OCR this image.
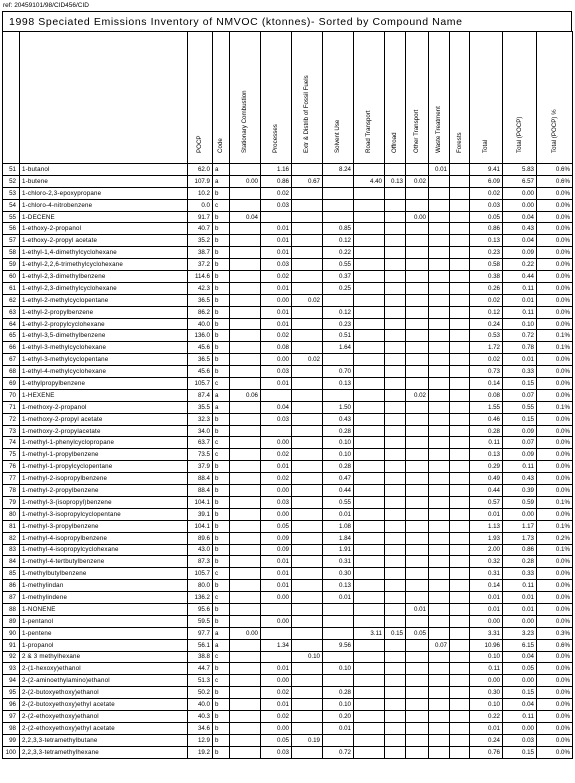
ref: 20459101/98/CID456/CID
1998 Speciated Emissions Inventory of NMVOC (ktonnes)- Sorted by Compound Name

		POCP	Code	Stationary Combustion	Processes	Extr & Distrib of Fossil Fuels	Solvent Use	Road Transport	Offroad	Other Transport	Waste Treatment	Forests	Total	Total (POCP)	Total (POCP) %

51	1-butanol	62.0	a		1.16		8.24				0.01		9.41	5.83	0.6%
52	1-butene	107.9	a	0.00	0.86	0.67		4.40	0.13	0.02			6.09	6.57	0.6%
53	1-chloro-2,3-epoxypropane	10.2	b		0.02								0.02	0.00	0.0%
54	1-chloro-4-nitrobenzene	0.0	c		0.03								0.03	0.00	0.0%
55	1-DECENE	91.7	b	0.04						0.00			0.05	0.04	0.0%
56	1-ethoxy-2-propanol	40.7	b		0.01		0.85						0.86	0.43	0.0%
57	1-ethoxy-2-propyl acetate	35.2	b		0.01		0.12						0.13	0.04	0.0%
58	1-ethyl-1,4-dimethylcyclohexane	38.7	b		0.01		0.22						0.23	0.09	0.0%
59	1-ethyl-2,2,6-trimethylcyclohexane	37.2	b		0.03		0.55						0.58	0.22	0.0%
60	1-ethyl-2,3-dimethylbenzene	114.6	b		0.02		0.37						0.38	0.44	0.0%
61	1-ethyl-2,3-dimethylcyclohexane	42.3	b		0.01		0.25						0.26	0.11	0.0%
62	1-ethyl-2-methylcyclopentane	36.5	b		0.00	0.02							0.02	0.01	0.0%
63	1-ethyl-2-propylbenzene	86.2	b		0.01		0.12						0.12	0.11	0.0%
64	1-ethyl-2-propylcyclohexane	40.0	b		0.01		0.23						0.24	0.10	0.0%
65	1-ethyl-3,5-dimethylbenzene	136.0	b		0.02		0.51						0.53	0.72	0.1%
66	1-ethyl-3-methylcyclohexane	45.6	b		0.08		1.64						1.72	0.78	0.1%
67	1-ethyl-3-methylcyclopentane	36.5	b		0.00	0.02							0.02	0.01	0.0%
68	1-ethyl-4-methylcyclohexane	45.6	b		0.03		0.70						0.73	0.33	0.0%
69	1-ethylpropylbenzene	105.7	c		0.01		0.13						0.14	0.15	0.0%
70	1-HEXENE	87.4	a	0.06						0.02			0.08	0.07	0.0%
71	1-methoxy-2-propanol	35.5	a		0.04		1.50						1.55	0.55	0.1%
72	1-methoxy-2-propyl acetate	32.3	b		0.03		0.43						0.46	0.15	0.0%
73	1-methoxy-2-propylacetate	34.0	b				0.28						0.28	0.09	0.0%
74	1-methyl-1-phenylcyclopropane	63.7	c		0.00		0.10						0.11	0.07	0.0%
75	1-methyl-1-propylbenzene	73.5	c		0.02		0.10						0.13	0.09	0.0%
76	1-methyl-1-propylcyclopentane	37.9	b		0.01		0.28						0.29	0.11	0.0%
77	1-methyl-2-isopropylbenzene	88.4	b		0.02		0.47						0.49	0.43	0.0%
78	1-methyl-2-propylbenzene	88.4	b		0.00		0.44						0.44	0.39	0.0%
79	1-methyl-3-(isopropyl)benzene	104.1	b		0.03		0.55						0.57	0.59	0.1%
80	1-methyl-3-isopropylcyclopentane	39.1	b		0.00		0.01						0.01	0.00	0.0%
81	1-methyl-3-propylbenzene	104.1	b		0.05		1.08						1.13	1.17	0.1%
82	1-methyl-4-isopropylbenzene	89.6	b		0.09		1.84						1.93	1.73	0.2%
83	1-methyl-4-isopropylcyclohexane	43.0	b		0.09		1.91						2.00	0.86	0.1%
84	1-methyl-4-tertbutylbenzene	87.3	b		0.01		0.31						0.32	0.28	0.0%
85	1-methylbutylbenzene	105.7	c		0.01		0.30						0.31	0.33	0.0%
86	1-methylindan	80.0	b		0.01		0.13						0.14	0.11	0.0%
87	1-methylindene	136.2	c		0.00		0.01						0.01	0.01	0.0%
88	1-NONENE	95.6	b							0.01			0.01	0.01	0.0%
89	1-pentanol	59.5	b		0.00								0.00	0.00	0.0%
90	1-pentene	97.7	a	0.00				3.11	0.15	0.05			3.31	3.23	0.3%
91	1-propanol	56.1	a		1.34		9.56				0.07		10.96	6.15	0.6%
92	2 & 3 methylhexane	38.8	c			0.10							0.10	0.04	0.0%
93	2-(1-hexoxy)ethanol	44.7	b		0.01		0.10						0.11	0.05	0.0%
94	2-(2-aminoethylamino)ethanol	51.3	c		0.00								0.00	0.00	0.0%
95	2-(2-butoxyethoxy)ethanol	50.2	b		0.02		0.28						0.30	0.15	0.0%
96	2-(2-butoxyethoxy)ethyl acetate	40.0	b		0.01		0.10						0.10	0.04	0.0%
97	2-(2-ethoxyethoxy)ethanol	40.3	b		0.02		0.20						0.22	0.11	0.0%
98	2-(2-ethoxyethoxy)ethyl acetate	34.6	b		0.00		0.01						0.01	0.00	0.0%
99	2,2,3,3-tetramethylbutane	12.9	b		0.05	0.19							0.24	0.03	0.0%
100	2,2,3,3-tetramethylhexane	19.2	b		0.03		0.72						0.76	0.15	0.0%
